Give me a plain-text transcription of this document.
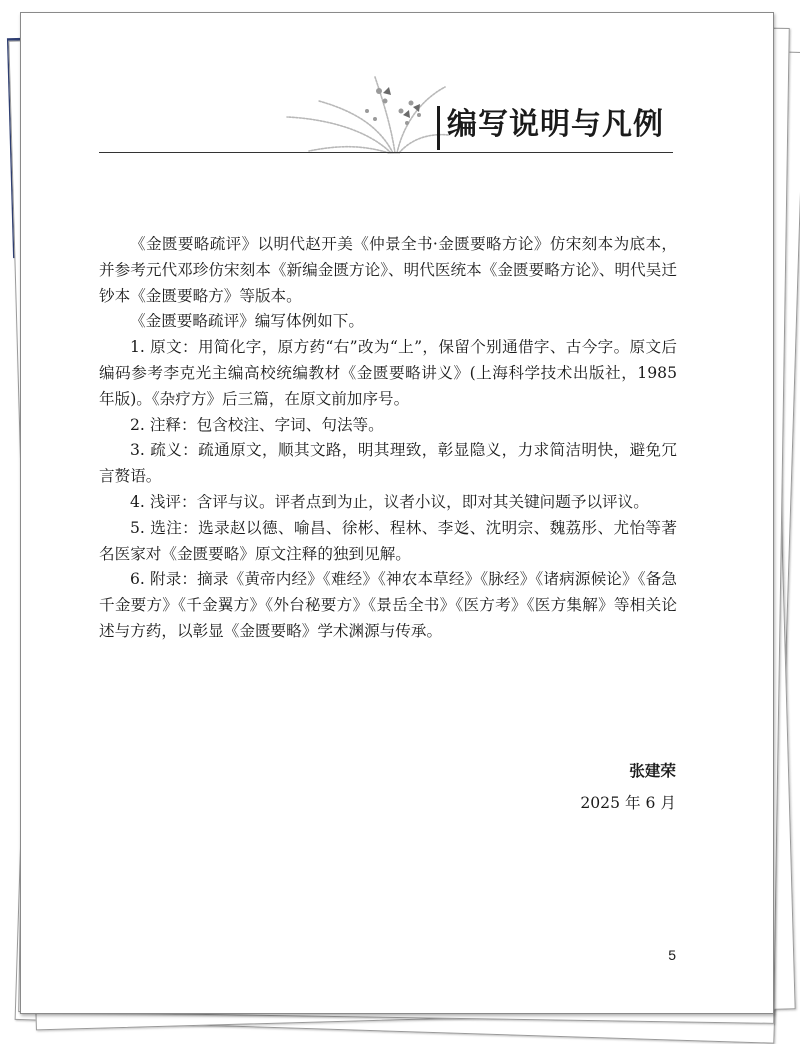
编写说明与凡例

《金匮要略疏评》以明代赵开美《仲景全书·金匮要略方论》仿宋刻本为底本，并参考元代邓珍仿宋刻本《新编金匮方论》、明代医统本《金匮要略方论》、明代吴迁钞本《金匮要略方》等版本。

《金匮要略疏评》编写体例如下。

1. 原文：用简化字，原方药“右”改为“上”，保留个别通借字、古今字。原文后编码参考李克光主编高校统编教材《金匮要略讲义》(上海科学技术出版社，1985 年版)。《杂疗方》后三篇，在原文前加序号。

2. 注释：包含校注、字词、句法等。

3. 疏义：疏通原文，顺其文路，明其理致，彰显隐义，力求简洁明快，避免冗言赘语。

4. 浅评：含评与议。评者点到为止，议者小议，即对其关键问题予以评议。

5. 选注：选录赵以德、喻昌、徐彬、程林、李彣、沈明宗、魏荔彤、尤怡等著名医家对《金匮要略》原文注释的独到见解。

6. 附录：摘录《黄帝内经》《难经》《神农本草经》《脉经》《诸病源候论》《备急千金要方》《千金翼方》《外台秘要方》《景岳全书》《医方考》《医方集解》等相关论述与方药，以彰显《金匮要略》学术渊源与传承。

张建荣
2025 年 6 月
5
